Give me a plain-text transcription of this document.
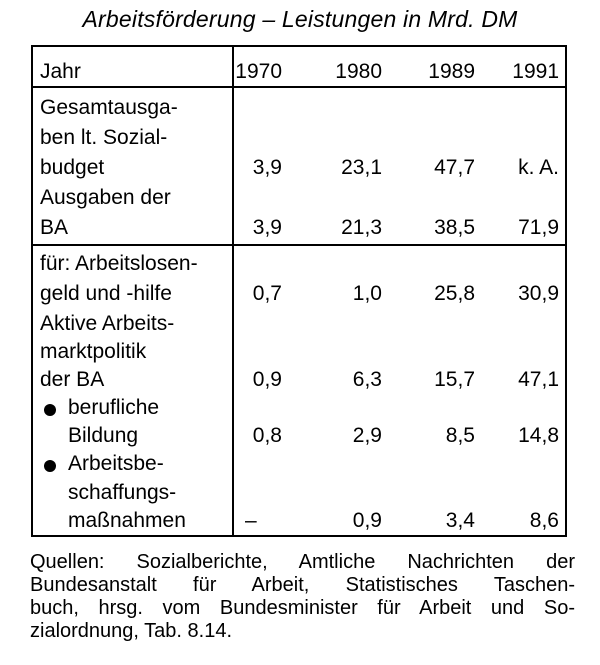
Arbeitsförderung – Leistungen in Mrd. DM
Jahr	1970	1980	1989	1991
Gesamtausga-
ben lt. Sozial-
budget	3,9	23,1	47,7	k. A.
Ausgaben der
BA	3,9	21,3	38,5	71,9
für: Arbeitslosen-
geld und -hilfe	0,7	1,0	25,8	30,9
Aktive Arbeits-
marktpolitik
der BA	0,9	6,3	15,7	47,1
berufliche
Bildung	0,8	2,9	8,5	14,8
Arbeitsbe-
schaffungs-
maßnahmen	–	0,9	3,4	8,6
Quellen: Sozialberichte, Amtliche Nachrichten der
Bundesanstalt für Arbeit, Statistisches Taschen-
buch, hrsg. vom Bundesminister für Arbeit und So-
zialordnung, Tab. 8.14.
